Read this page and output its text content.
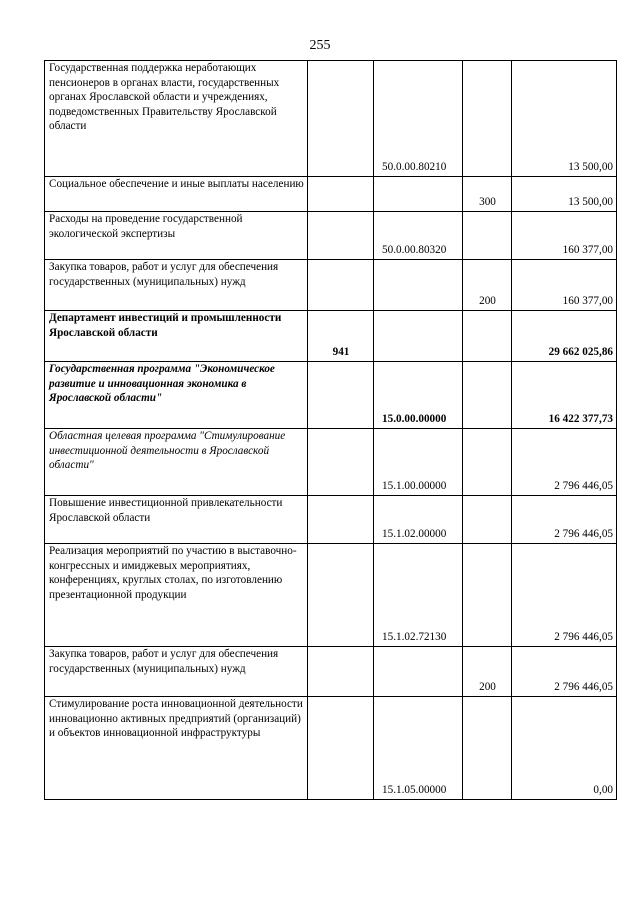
255
Государственная поддержка неработающих пенсионеров в органах власти, государственных органах Ярославской области и учреждениях, подведомственных Правительству Ярославской области		50.0.00.80210		13 500,00
Социальное обеспечение и иные выплаты населению			300	13 500,00
Расходы на проведение государственной экологической экспертизы		50.0.00.80320		160 377,00
Закупка товаров, работ и услуг для обеспечения государственных (муниципальных) нужд			200	160 377,00
Департамент инвестиций и промышленности Ярославской области	941			29 662 025,86
Государственная программа "Экономическое развитие и инновационная экономика в Ярославской области"		15.0.00.00000		16 422 377,73
Областная целевая программа "Стимулирование инвестиционной деятельности в Ярославской области"		15.1.00.00000		2 796 446,05
Повышение инвестиционной привлекательности Ярославской области		15.1.02.00000		2 796 446,05
Реализация мероприятий по участию в выставочно-конгрессных и имиджевых мероприятиях, конференциях, круглых столах, по изготовлению презентационной продукции		15.1.02.72130		2 796 446,05
Закупка товаров, работ и услуг для обеспечения государственных (муниципальных) нужд			200	2 796 446,05
Стимулирование роста инновационной деятельности инновационно активных предприятий (организаций) и объектов инновационной инфраструктуры		15.1.05.00000		0,00
